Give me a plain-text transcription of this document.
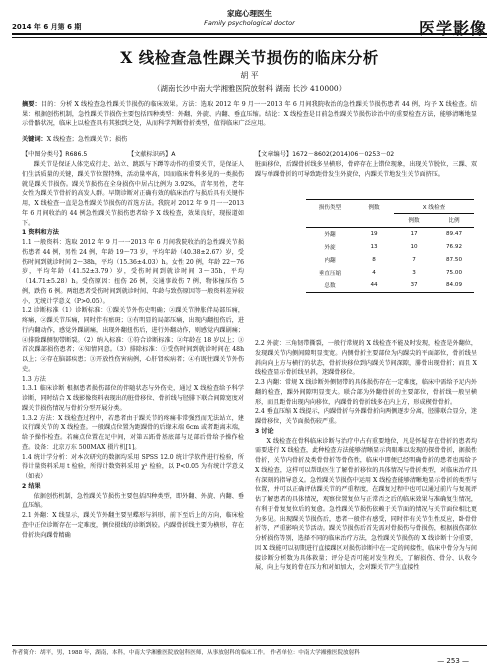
2014 年 6 月第 6 期
家庭心理医生
Family psychological doctor	医学影像
X 线检查急性踝关节损伤的临床分析
胡 平
（湖南长沙中南大学湘雅医院放射科 湖南 长沙 410000）
摘要：目的：分析 X 线检查急性踝关节损伤的临床效果。方法：选取 2012 年 9 月一一2013 年 6 月间我院收治的急性踝关节损伤患者 44 例，均予 X 线检查。结果：根据创伤机制，急性踝关节损伤主要包括四种类型：外翻、外旋、内翻、垂直压缩。结论：X 线检查是目前急性踝关节损伤诊治中的重要检查方法，能够清晰地显示骨骼状况，临床上以检查具有其独到之处，从而科学判断骨折类型，值得临床广泛应用。
关键词：X 线检查；急性踝关节；损伤
【中图分类号】R686.5	【文献标识码】A	【文章编号】1672－8602(2014)06－0253－02

踝关节是保证人体完成行走、站立、跳跃与下蹲等动作的重要关节，是保证人们生活质量的关键，踝关节位置特殊，活动量率高，因而临床骨科多见的一类损伤就是踝关节损伤。踝关节损伤在全身损伤中居占比例为 3.92%，青年男性，老年女性为踝关节骨折的高发人群。早期诊断对正确有效的临床治疗与损后具有关键作用，X 线检查一直是急性踝关节损伤的首选方法。我院对 2012 年 9 月一一2013 年 6 月间收治的 44 例急性踝关节损伤患者给予 X 线检查，效果良好，现报道如下。

1 资料和方法

1.1 一般资料：选取 2012 年 9 月一一2013 年 6 月间我院收治的急性踝关节损伤患者 44 例，男性 24 例，年龄 19～73 岁，平均年龄（40.38±2.67）岁，受伤时间到就诊时间 2～38h，平均（15.36±4.03）h。女性 20 例，年龄 22～76 岁，平均年龄（41.52±3.79）岁，受伤时间到就诊时间 3～35h，平均（14.71±5.28）h。受伤原因：扭伤 26 例，交通事故伤 7 例，物体撞压伤 5 例，跌伤 6 例。两组患者受伤时间到就诊时间、年龄与致伤原因等一般资料差异较小，无统计学意义（P>0.05）。

1.2 诊断标准（1）诊断标准：①踝关节外伤史明确；②踝关节肿胀伴局部压痛，疼痛，②踝关节压痛，同时伴有瘀斑；③有明显的局部压痛，出现内翻扭伤后，进行内翻动作，感觉外踝剧痛，出现外翻扭伤后，进行外翻动作，则感觉内踝剧痛；④排除踝侧韧带断裂。（2）纳入标准：①符合诊断标准；②年龄在 18 岁以上；③首次踝部损伤患者；④知情同意。（3）排除标准：①受伤时间到就诊时间在 48h 以上；②存在脑部疾患；③开放性伤害病例，心肝肾疾病者；④有既往踝关节外伤史。

1.3 方法

1.3.1 临床诊断 根据患者损伤部位的伴随状态与外伤史，通过 X 线检查给予科学诊断，同时结合 X 线影像资料表现出的脏骨移位、骨折线与胫腓下联合间隙宽度对踝关节损伤情况与骨折分型开展分类。

1.3.2 方法：X 线检查过程中，若患者由于踝关节的疼痛非常强烈而无法站立，建议行踝关节的 X 线检查。一般踝点位置为距踝骨的后缘末端 6cm 或者距离末端，给予操作检查。若痛点位置在足中间，对第五跖骨基底部与足部后骨给予操作检查。设备：北京万东 500MAX 摄片机[1]。

1.4 统计学分析：对本次研究的数据均采用 SPSS 12.0 统计学软件进行检验，所得计量资料采用 t 检验，所得计数资料采用 χ² 检验，以 P<0.05 为有统计学意义（如表）

2 结果

依据创伤机制，急性踝关节损伤主要包括四种类型，即外翻、外旋、内翻、垂直压缩。

2.1 外翻：X 线显示，踝关节外翻主要呈蝶形与斜形，前下至后上的方向，临床检查中正位诊断存在一定难度，侧位摄线的诊断到较。内踝骨折线主要为横形，存在骨折块向踝骨精确

脏面移位，后踝骨折线多呈横形，骨碎存在上错位现象，出现关节脱位，三踝、双踝与单踝骨折的可导致距骨发生外旋位，内踝关节地发生关节面挤压。

损伤类型	例数	X 线检查
例数	比例
外翻	19	17	89.47
外旋	13	10	76.92
内翻	8	7	87.50
垂直压缩	4	3	75.00
总数	44	37	84.09

2.2 外旋：三角韧带撕裂，一般行常规的 X 线检查不能及时发现，检查是外翻位，发现踝关节内侧间隙明显变宽。内侧骨折主要部位为内踝尖的平面部位，骨折线呈斜向向上方与横行的状态，骨折块移位到内踝关节间深隙，腓骨出现骨折；而且 X 线检查显示骨折线呈斜，迷踝骨移位。

2.3 内翻：常规 X 线诊断外侧韧带的具体损伤存在一定难度，临床中需给予足内外翻的检查，踝外间隙明显变大。联合部为外翻骨折的主要部位，骨折线一般呈横形，而且距骨出现内向移位，内踝骨的骨折线多在内上方，形成楔骨骨折。

2.4 垂直压缩 X 线提示，内踝骨折与外踝骨折向两侧逐步分离，胫腓联合显分，迷踝骨移位，关节面损伤较严重。

3 讨论

X 线检查在骨科临床诊断与治疗中占有重要地位，凡是怀疑存在骨折的患者均需要进行 X 线检查，此种检查方法能够清晰显示肉眼难以发现的探骨骨折，据损性骨折，关节内骨折及类骨骨折等骨伤性，临床中即便已经明确骨折的患者也需给予 X 线检查，这样可以帮助医生了解骨折移位的具体情况与骨折类型，对临床治疗具有深刻的指导意义。急性踝关节损伤中运用 X 线检查能够清晰地显示骨折的类型与位置，并可以正确评估踝关节的严重程度，在踝复过程中也可以通过前片与复视评估了解患者的具体情况，观察位置复位与正常否之后的临床效果与准确复生情况，有利于骨复复位后的复愈。急性踝关节损伤依赖于关节面的情况与关节面位相比更为多见。出现踝关节损伤后，患者一般伴有感受，同时伴有关节生性反应，卧骨骨折等，严重影响关节活动。踝关节损伤后首先需对骨损伤与骨损伤，根据损伤部位分析损伤等别，选择不同的临床治疗方法，急性踝关节损伤的 X 线诊断十分重要，因 X 线能可以初期进行直接踝区对损伤诊断中在一定的间接性，临床中骨分为与间接诊断分析数为具体救量；评分是否可能对发生程关，了解损伤、骨分、认收今展，向上与复的骨在压力和对如加大，会对踝关节产生直接性

作者简介：胡平，男，1988 年，湖南，本科，中南大学湘雅医院放射科医师，从事放射科的临床工作。 作者单位：中南大学湘雅医院放射科
— 253 —
